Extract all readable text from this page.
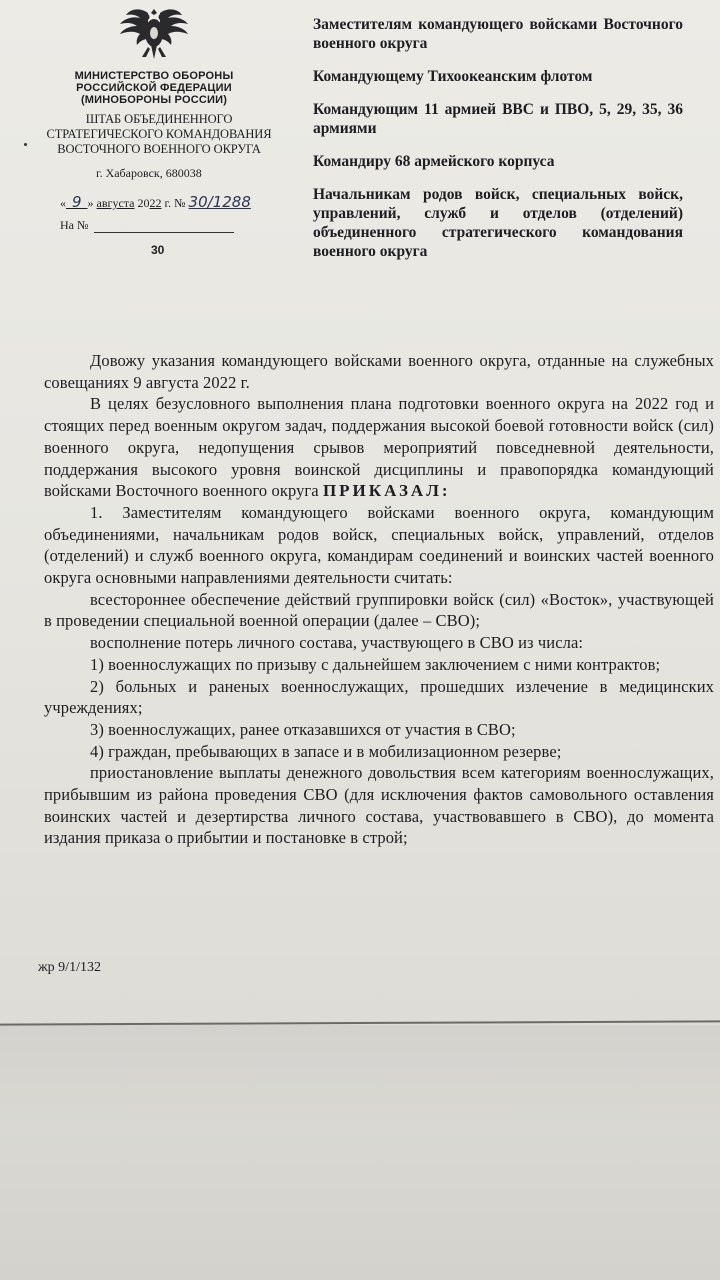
МИНИСТЕРСТВО ОБОРОНЫ
РОССИЙСКОЙ ФЕДЕРАЦИИ
(МИНОБОРОНЫ РОССИИ)
ШТАБ ОБЪЕДИНЕННОГО
СТРАТЕГИЧЕСКОГО КОМАНДОВАНИЯ
ВОСТОЧНОГО ВОЕННОГО ОКРУГА
г. Хабаровск, 680038
« 9 » августа 2022 г. № 30/1288
На №
30

Заместителям командующего войсками Восточного военного округа

Командующему Тихоокеанским флотом

Командующим 11 армией ВВС и ПВО, 5, 29, 35, 36 армиями

Командиру 68 армейского корпуса

Начальникам родов войск, специальных войск, управлений, служб и отделов (отделений) объединенного стратегического командования военного округа

Довожу указания командующего войсками военного округа, отданные на служебных совещаниях 9 августа 2022 г.

В целях безусловного выполнения плана подготовки военного округа на 2022 год и стоящих перед военным округом задач, поддержания высокой боевой готовности войск (сил) военного округа, недопущения срывов мероприятий повседневной деятельности, поддержания высокого уровня воинской дисциплины и правопорядка командующий войсками Восточного военного округа ПРИКАЗАЛ:

1. Заместителям командующего войсками военного округа, командующим объединениями, начальникам родов войск, специальных войск, управлений, отделов (отделений) и служб военного округа, командирам соединений и воинских частей военного округа основными направлениями деятельности считать:

всестороннее обеспечение действий группировки войск (сил) «Восток», участвующей в проведении специальной военной операции (далее – СВО);

восполнение потерь личного состава, участвующего в СВО из числа:

1) военнослужащих по призыву с дальнейшем заключением с ними контрактов;

2) больных и раненых военнослужащих, прошедших излечение в медицинских учреждениях;

3) военнослужащих, ранее отказавшихся от участия в СВО;

4) граждан, пребывающих в запасе и в мобилизационном резерве;

приостановление выплаты денежного довольствия всем категориям военнослужащих, прибывшим из района проведения СВО (для исключения фактов самовольного оставления воинских частей и дезертирства личного состава, участвовавшего в СВО), до момента издания приказа о прибытии и постановке в строй;

жр 9/1/132
